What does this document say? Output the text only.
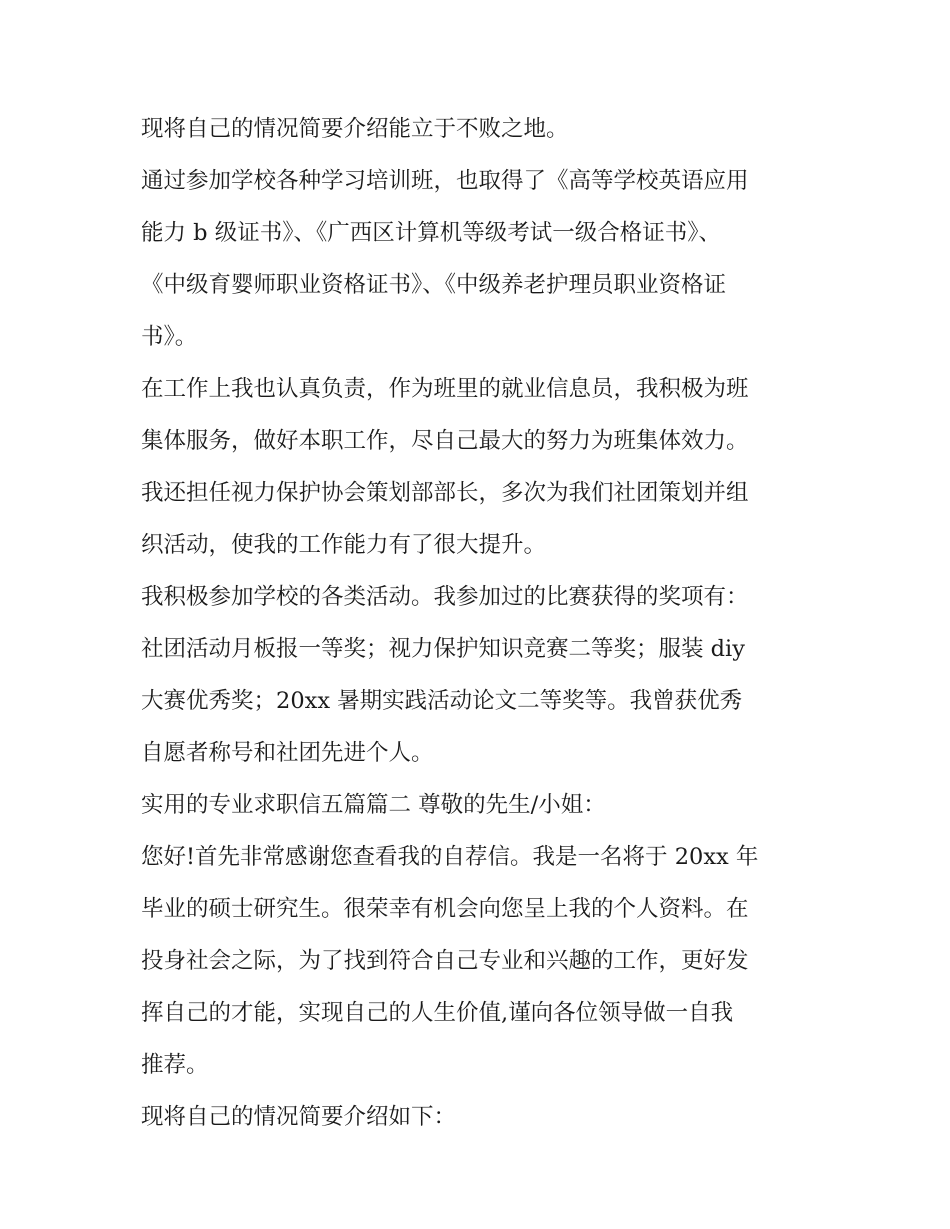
现将自己的情况简要介绍能立于不败之地。
通过参加学校各种学习培训班，也取得了《高等学校英语应用
能力 b 级证书》、《广西区计算机等级考试一级合格证书》、
《中级育婴师职业资格证书》、《中级养老护理员职业资格证
书》。
在工作上我也认真负责，作为班里的就业信息员，我积极为班
集体服务，做好本职工作，尽自己最大的努力为班集体效力。
我还担任视力保护协会策划部部长，多次为我们社团策划并组
织活动，使我的工作能力有了很大提升。
我积极参加学校的各类活动。我参加过的比赛获得的奖项有：
社团活动月板报一等奖；视力保护知识竞赛二等奖；服装 diy
大赛优秀奖；20xx 暑期实践活动论文二等奖等。我曾获优秀
自愿者称号和社团先进个人。
实用的专业求职信五篇篇二 尊敬的先生/小姐：
您好!首先非常感谢您查看我的自荐信。我是一名将于 20xx 年
毕业的硕士研究生。很荣幸有机会向您呈上我的个人资料。在
投身社会之际，为了找到符合自己专业和兴趣的工作，更好发
挥自己的才能，实现自己的人生价值,谨向各位领导做一自我
推荐。
现将自己的情况简要介绍如下：
